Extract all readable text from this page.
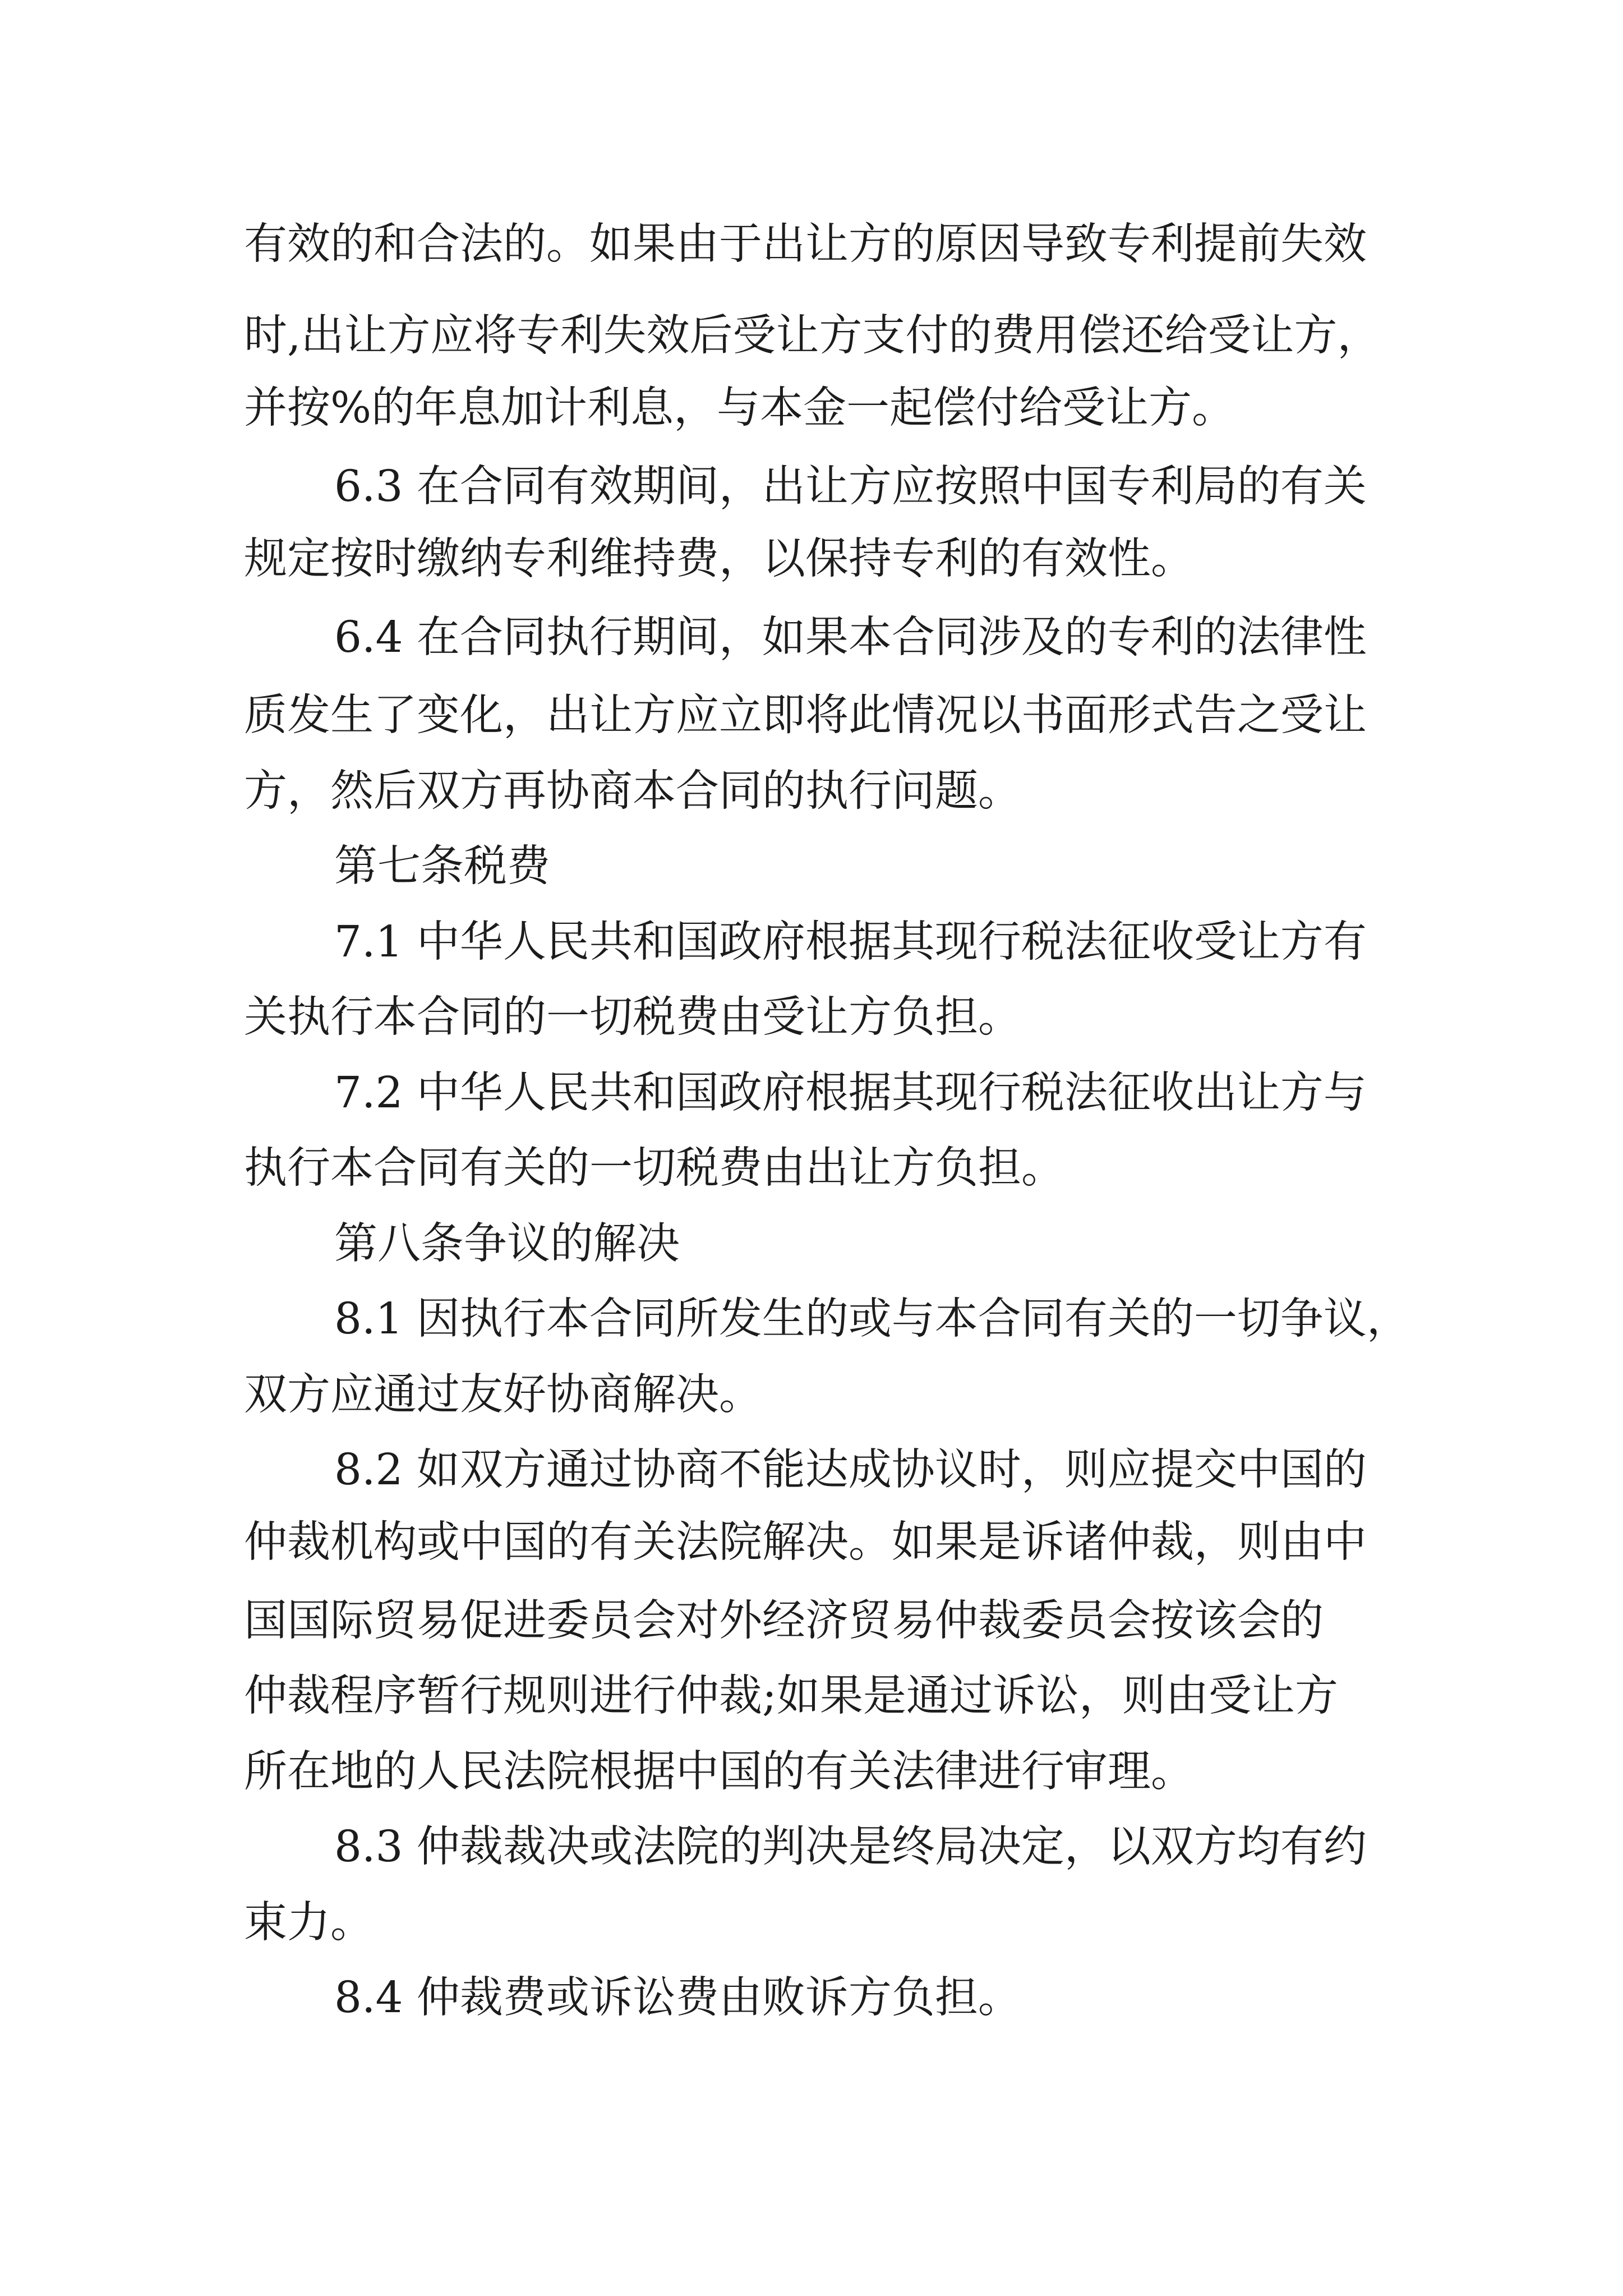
有效的和合法的。如果由于出让方的原因导致专利提前失效

时,出让方应将专利失效后受让方支付的费用偿还给受让方，

并按%的年息加计利息，与本金一起偿付给受让方。

6.3 在合同有效期间，出让方应按照中国专利局的有关

规定按时缴纳专利维持费，以保持专利的有效性。

6.4 在合同执行期间，如果本合同涉及的专利的法律性

质发生了变化，出让方应立即将此情况以书面形式告之受让

方，然后双方再协商本合同的执行问题。

第七条税费

7.1 中华人民共和国政府根据其现行税法征收受让方有

关执行本合同的一切税费由受让方负担。

7.2 中华人民共和国政府根据其现行税法征收出让方与

执行本合同有关的一切税费由出让方负担。

第八条争议的解决

8.1 因执行本合同所发生的或与本合同有关的一切争议，

双方应通过友好协商解决。

8.2 如双方通过协商不能达成协议时，则应提交中国的

仲裁机构或中国的有关法院解决。如果是诉诸仲裁，则由中

国国际贸易促进委员会对外经济贸易仲裁委员会按该会的

仲裁程序暂行规则进行仲裁;如果是通过诉讼，则由受让方

所在地的人民法院根据中国的有关法律进行审理。

8.3 仲裁裁决或法院的判决是终局决定，以双方均有约

束力。

8.4 仲裁费或诉讼费由败诉方负担。
